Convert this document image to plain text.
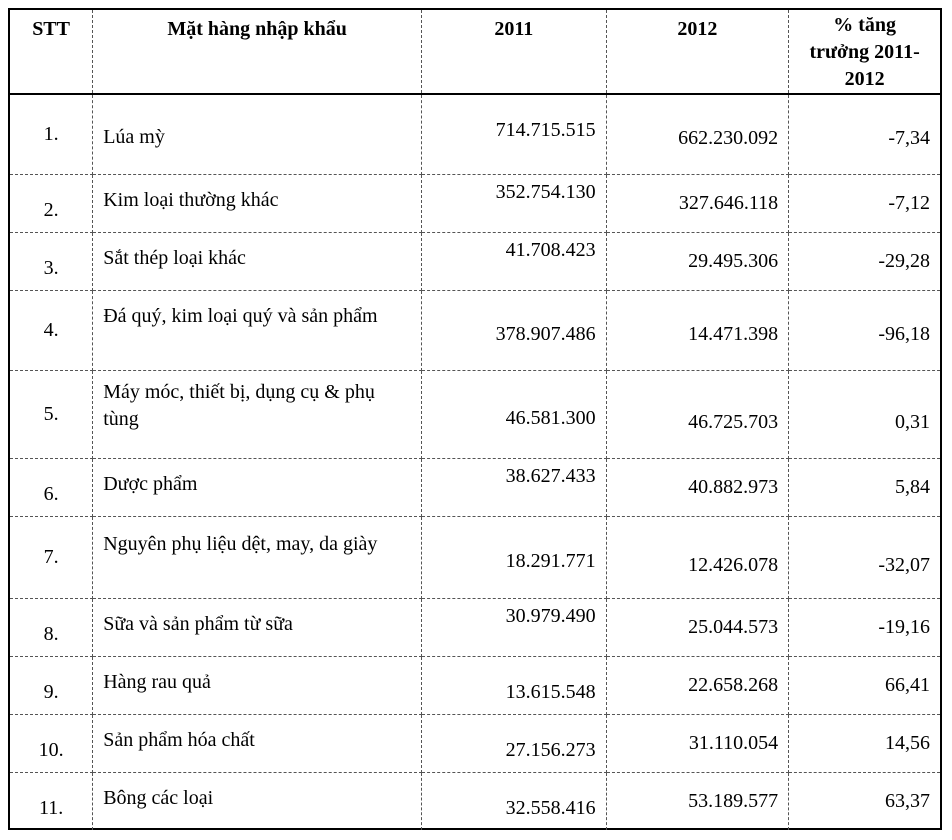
STT	Mặt hàng nhập khẩu	2011	2012	% tăng
trưởng 2011-
2012

1.	Lúa mỳ	714.715.515	662.230.092	-7,34
2.	Kim loại thường khác	352.754.130	327.646.118	-7,12
3.	Sắt thép loại khác	41.708.423	29.495.306	-29,28
4.	Đá quý, kim loại quý và sản phẩm	378.907.486	14.471.398	-96,18
5.	Máy móc, thiết bị, dụng cụ & phụ tùng	46.581.300	46.725.703	0,31
6.	Dược phẩm	38.627.433	40.882.973	5,84
7.	Nguyên phụ liệu dệt, may, da giày	18.291.771	12.426.078	-32,07
8.	Sữa và sản phẩm từ sữa	30.979.490	25.044.573	-19,16
9.	Hàng rau quả	13.615.548	22.658.268	66,41
10.	Sản phẩm hóa chất	27.156.273	31.110.054	14,56
11.	Bông các loại	32.558.416	53.189.577	63,37
